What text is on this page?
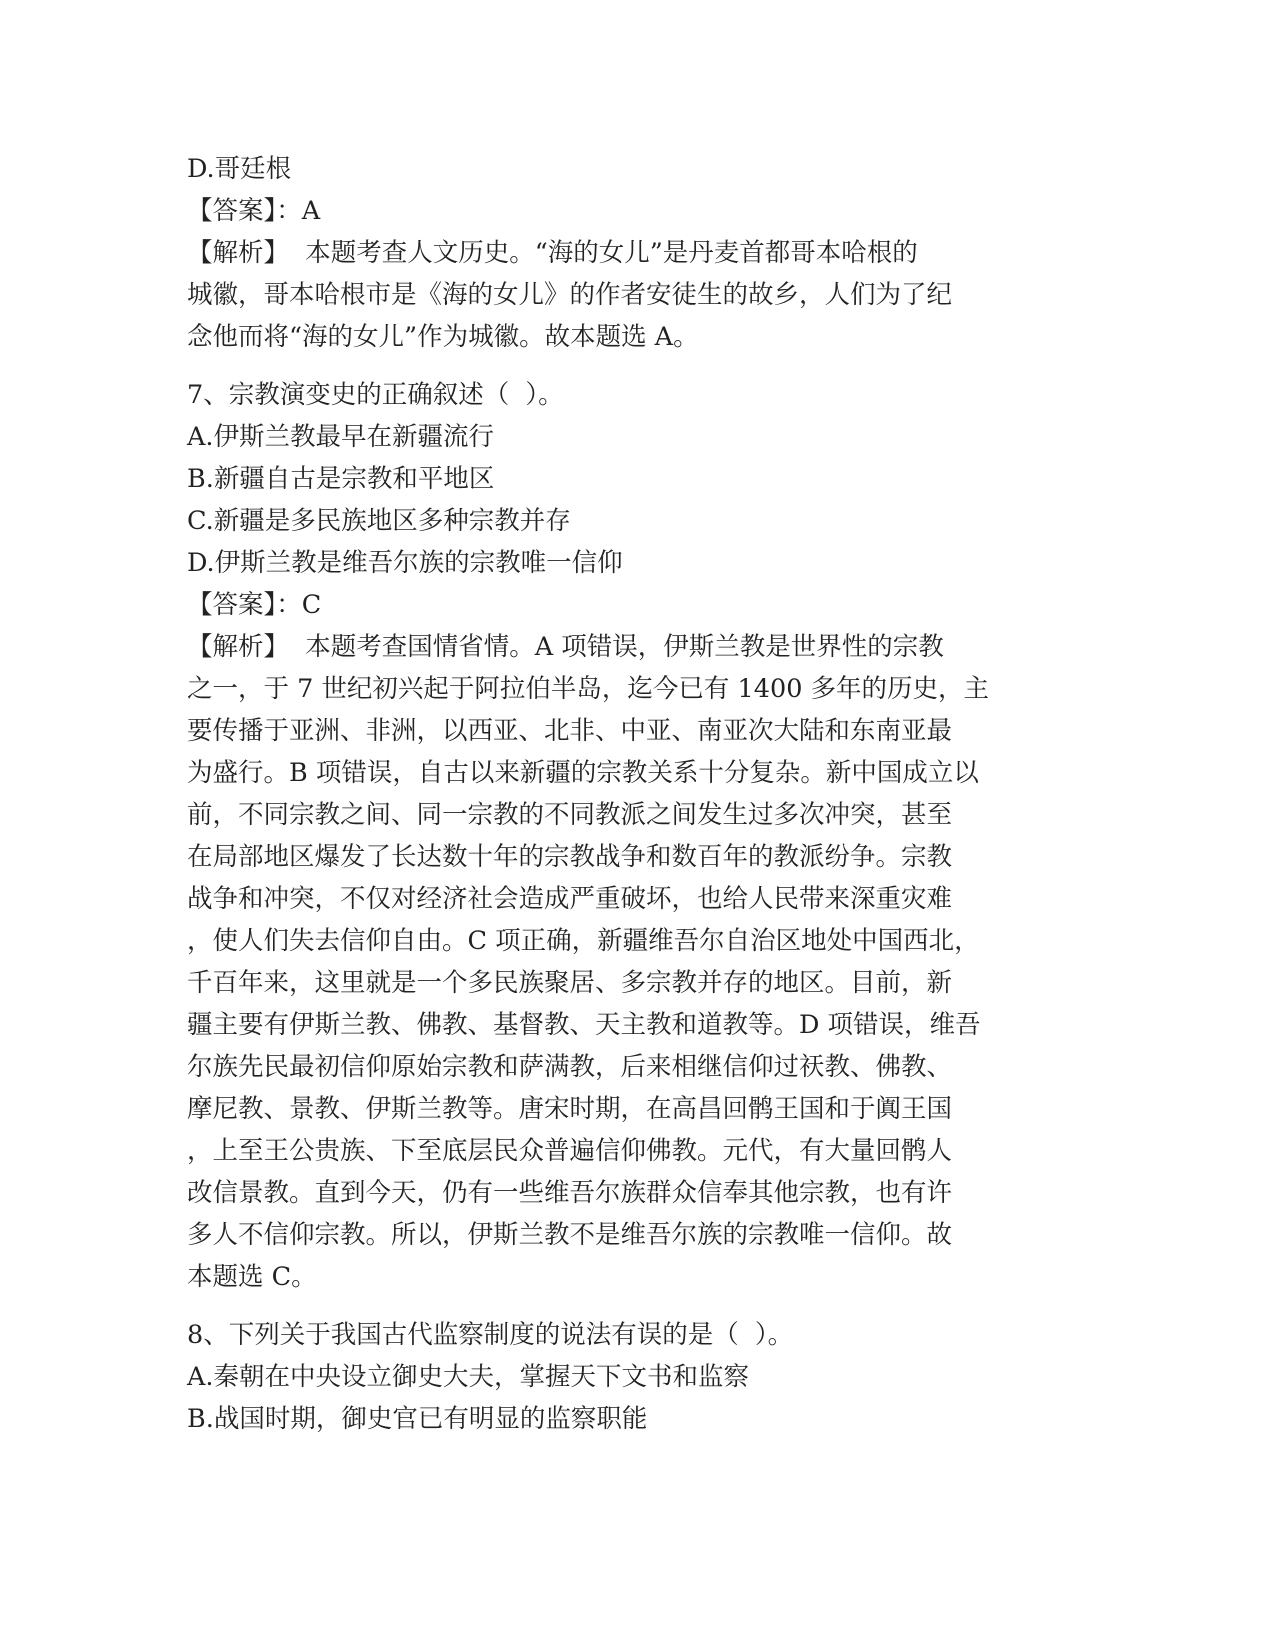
D.哥廷根
【答案】：A
【解析】  本题考查人文历史。“海的女儿”是丹麦首都哥本哈根的
城徽，哥本哈根市是《海的女儿》的作者安徒生的故乡，人们为了纪
念他而将“海的女儿”作为城徽。故本题选 A。
7、宗教演变史的正确叙述（  ）。
A.伊斯兰教最早在新疆流行
B.新疆自古是宗教和平地区
C.新疆是多民族地区多种宗教并存
D.伊斯兰教是维吾尔族的宗教唯一信仰
【答案】：C
【解析】  本题考查国情省情。A 项错误，伊斯兰教是世界性的宗教
之一，于 7 世纪初兴起于阿拉伯半岛，迄今已有 1400 多年的历史，主
要传播于亚洲、非洲，以西亚、北非、中亚、南亚次大陆和东南亚最
为盛行。B 项错误，自古以来新疆的宗教关系十分复杂。新中国成立以
前，不同宗教之间、同一宗教的不同教派之间发生过多次冲突，甚至
在局部地区爆发了长达数十年的宗教战争和数百年的教派纷争。宗教
战争和冲突，不仅对经济社会造成严重破坏，也给人民带来深重灾难
，使人们失去信仰自由。C 项正确，新疆维吾尔自治区地处中国西北，
千百年来，这里就是一个多民族聚居、多宗教并存的地区。目前，新
疆主要有伊斯兰教、佛教、基督教、天主教和道教等。D 项错误，维吾
尔族先民最初信仰原始宗教和萨满教，后来相继信仰过祆教、佛教、
摩尼教、景教、伊斯兰教等。唐宋时期，在高昌回鹘王国和于阗王国
，上至王公贵族、下至底层民众普遍信仰佛教。元代，有大量回鹘人
改信景教。直到今天，仍有一些维吾尔族群众信奉其他宗教，也有许
多人不信仰宗教。所以，伊斯兰教不是维吾尔族的宗教唯一信仰。故
本题选 C。
8、下列关于我国古代监察制度的说法有误的是（  ）。
A.秦朝在中央设立御史大夫，掌握天下文书和监察
B.战国时期，御史官已有明显的监察职能
